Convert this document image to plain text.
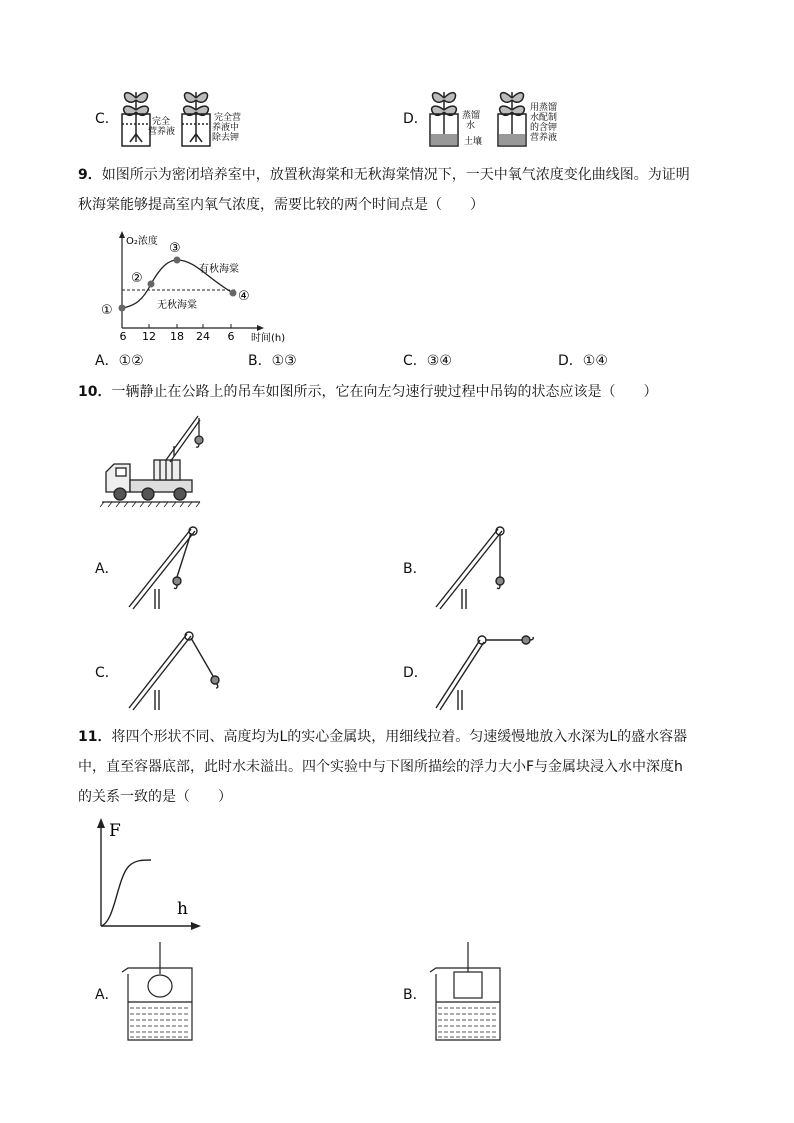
C．	完全
营养液
完全营
养液中
除去钾
D．	蒸馏
水
土壤
用蒸馏
水配制
的含钾
营养液
9．如图所示为密闭培养室中，放置秋海棠和无秋海棠情况下，一天中氧气浓度变化曲线图。为证明
秋海棠能够提高室内氧气浓度，需要比较的两个时间点是（　　）
O₂浓度
时间(h)
6 12 18 24 6
有秋海棠
无秋海棠
①
②
③
④
A．①②	B．①③	C．③④	D．①④
10．一辆静止在公路上的吊车如图所示，它在向左匀速行驶过程中吊钩的状态应该是（　　）
A．	B．
C．	D．
11．将四个形状不同、高度均为L的实心金属块，用细线拉着。匀速缓慢地放入水深为L的盛水容器
中，直至容器底部，此时水未溢出。四个实验中与下图所描绘的浮力大小F与金属块浸入水中深度h
的关系一致的是（　　）
F
h
A．	B．
